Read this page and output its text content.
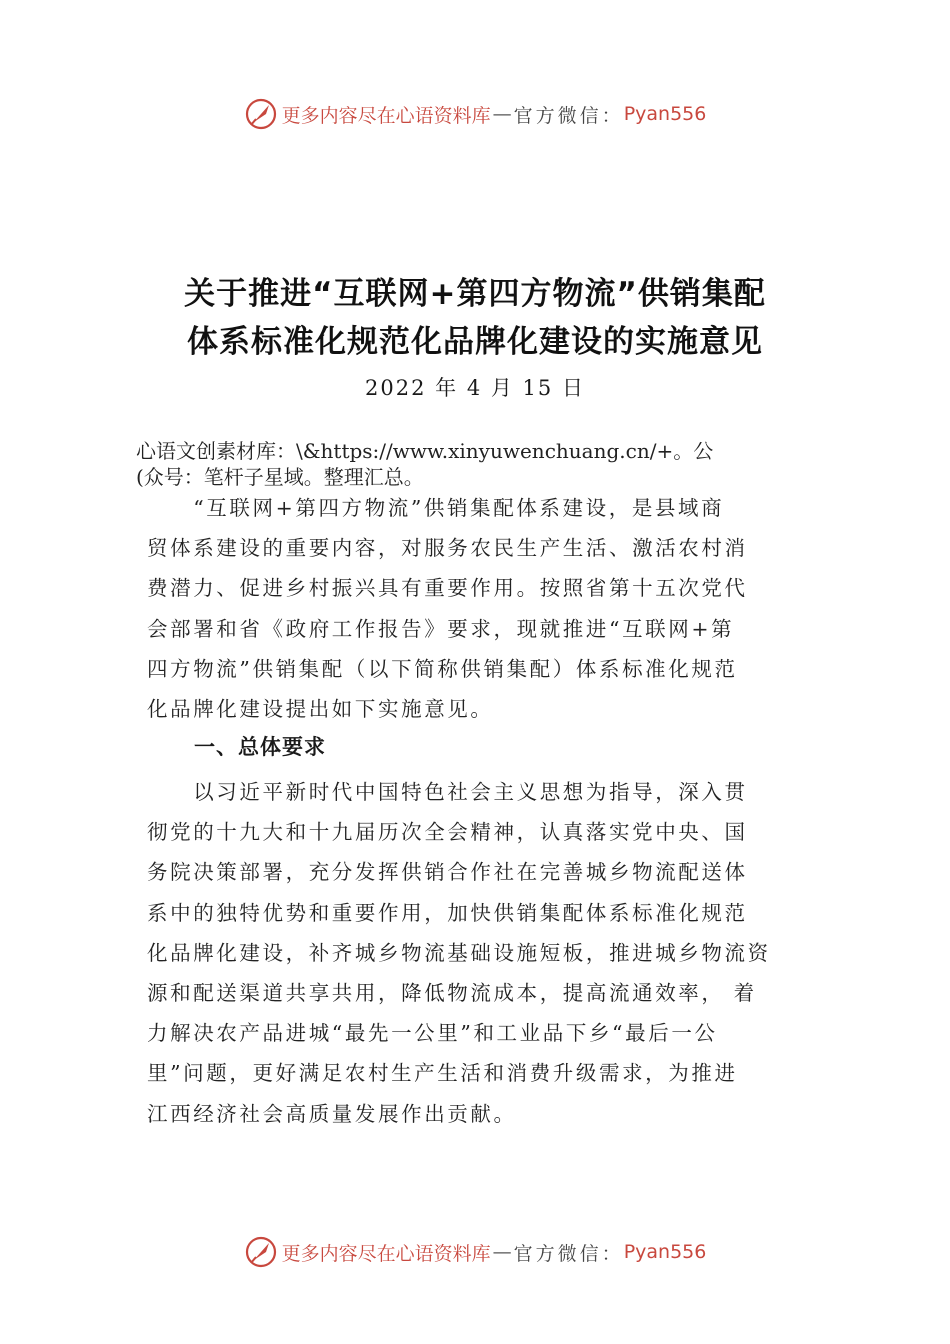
更多内容尽在心语资料库 — 官方微信： Pyan556
关于推进“互联网+第四方物流”供销集配
体系标准化规范化品牌化建设的实施意见
2022 年 4 月 15 日
心语文创素材库：\&https://www.xinyuwenchuang.cn/+。公
(众号：笔杆子星域。整理汇总。
　　“互联网+第四方物流”供销集配体系建设，是县域商
贸体系建设的重要内容，对服务农民生产生活、激活农村消
费潜力、促进乡村振兴具有重要作用。按照省第十五次党代
会部署和省《政府工作报告》要求，现就推进“互联网+第
四方物流”供销集配（以下简称供销集配）体系标准化规范
化品牌化建设提出如下实施意见。
一、总体要求
　　以习近平新时代中国特色社会主义思想为指导，深入贯
彻党的十九大和十九届历次全会精神，认真落实党中央、国
务院决策部署，充分发挥供销合作社在完善城乡物流配送体
系中的独特优势和重要作用，加快供销集配体系标准化规范
化品牌化建设，补齐城乡物流基础设施短板，推进城乡物流资
源和配送渠道共享共用，降低物流成本，提高流通效率， 着
力解决农产品进城“最先一公里”和工业品下乡“最后一公
里”问题，更好满足农村生产生活和消费升级需求，为推进
江西经济社会高质量发展作出贡献。
更多内容尽在心语资料库 — 官方微信： Pyan556
